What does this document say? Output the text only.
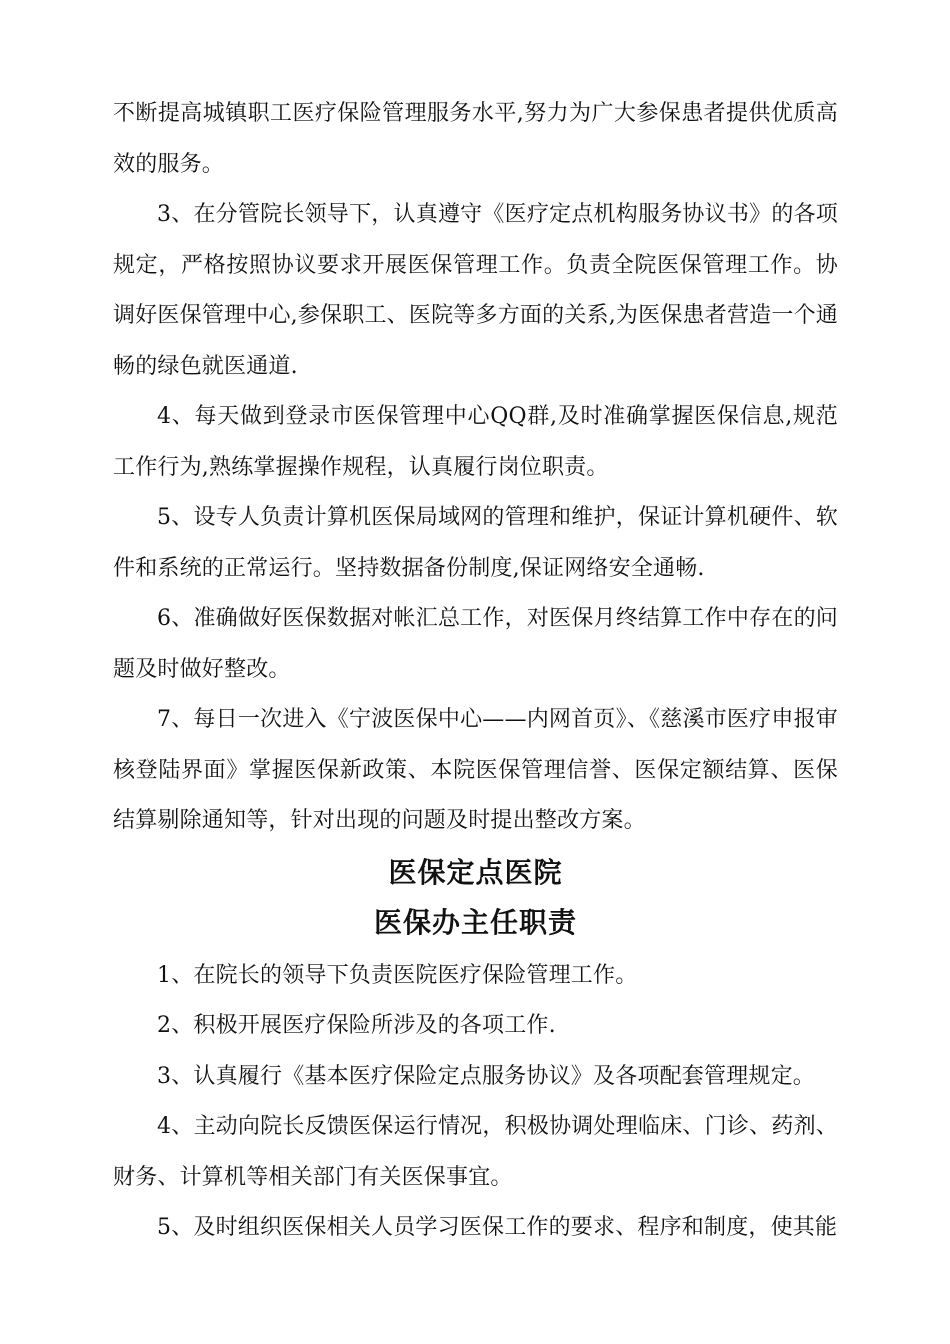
不断提高城镇职工医疗保险管理服务水平,努力为广大参保患者提供优质高效的服务。

3、在分管院长领导下，认真遵守《医疗定点机构服务协议书》的各项规定，严格按照协议要求开展医保管理工作。负责全院医保管理工作。协调好医保管理中心,参保职工、医院等多方面的关系,为医保患者营造一个通畅的绿色就医通道.

4、每天做到登录市医保管理中心QQ群,及时准确掌握医保信息,规范工作行为,熟练掌握操作规程，认真履行岗位职责。

5、设专人负责计算机医保局域网的管理和维护，保证计算机硬件、软件和系统的正常运行。坚持数据备份制度,保证网络安全通畅.

6、准确做好医保数据对帐汇总工作，对医保月终结算工作中存在的问题及时做好整改。

7、每日一次进入《宁波医保中心——内网首页》、《慈溪市医疗申报审核登陆界面》掌握医保新政策、本院医保管理信誉、医保定额结算、医保结算剔除通知等，针对出现的问题及时提出整改方案。

医保定点医院
医保办主任职责

1、在院长的领导下负责医院医疗保险管理工作。

2、积极开展医疗保险所涉及的各项工作.

3、认真履行《基本医疗保险定点服务协议》及各项配套管理规定。

4、主动向院长反馈医保运行情况，积极协调处理临床、门诊、药剂、财务、计算机等相关部门有关医保事宜。

5、及时组织医保相关人员学习医保工作的要求、程序和制度，使其能
